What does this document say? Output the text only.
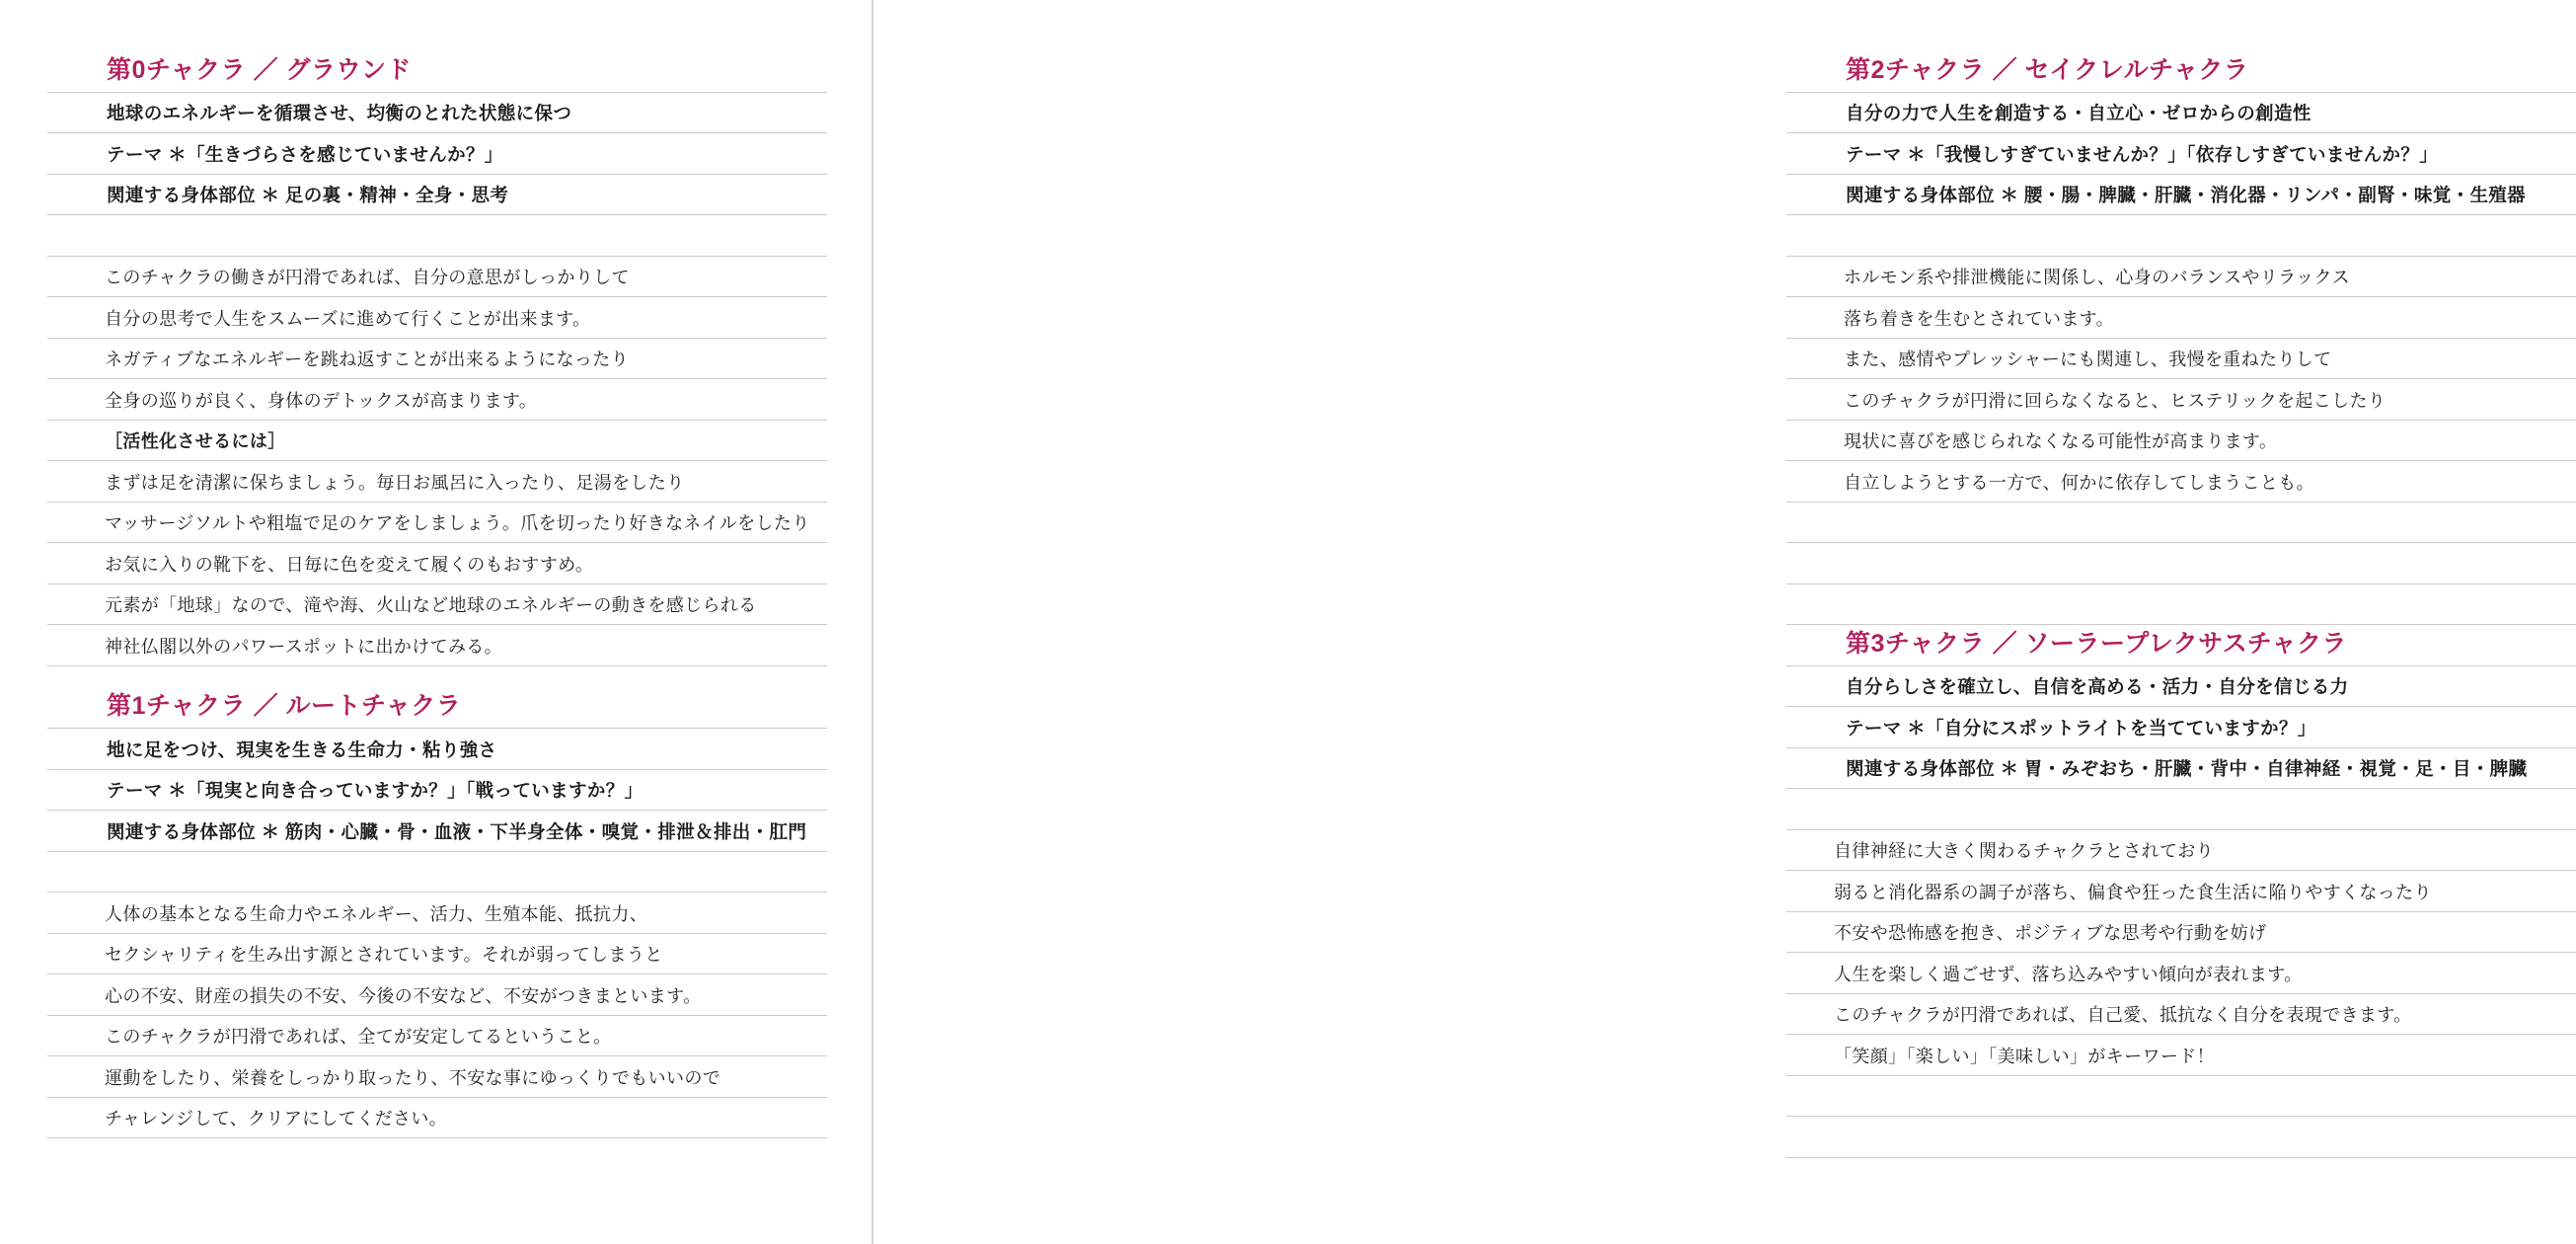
第0チャクラ ／ グラウンド
地球のエネルギーを循環させ、均衡のとれた状態に保つ
テーマ ＊「生きづらさを感じていませんか？」
関連する身体部位 ＊ 足の裏・精神・全身・思考
このチャクラの働きが円滑であれば、自分の意思がしっかりして
自分の思考で人生をスムーズに進めて行くことが出来ます。
ネガティブなエネルギーを跳ね返すことが出来るようになったり
全身の巡りが良く、身体のデトックスが高まります。
［活性化させるには］
まずは足を清潔に保ちましょう。毎日お風呂に入ったり、足湯をしたり
マッサージソルトや粗塩で足のケアをしましょう。爪を切ったり好きなネイルをしたり
お気に入りの靴下を、日毎に色を変えて履くのもおすすめ。
元素が「地球」なので、滝や海、火山など地球のエネルギーの動きを感じられる
神社仏閣以外のパワースポットに出かけてみる。
第1チャクラ ／ ルートチャクラ
地に足をつけ、現実を生きる生命力・粘り強さ
テーマ ＊「現実と向き合っていますか？」「戦っていますか？」
関連する身体部位 ＊ 筋肉・心臓・骨・血液・下半身全体・嗅覚・排泄＆排出・肛門
人体の基本となる生命力やエネルギー、活力、生殖本能、抵抗力、
セクシャリティを生み出す源とされています。それが弱ってしまうと
心の不安、財産の損失の不安、今後の不安など、不安がつきまといます。
このチャクラが円滑であれば、全てが安定してるということ。
運動をしたり、栄養をしっかり取ったり、不安な事にゆっくりでもいいので
チャレンジして、クリアにしてください。
第2チャクラ ／ セイクレルチャクラ
自分の力で人生を創造する・自立心・ゼロからの創造性
テーマ ＊「我慢しすぎていませんか？」「依存しすぎていませんか？」
関連する身体部位 ＊ 腰・腸・脾臓・肝臓・消化器・リンパ・副腎・味覚・生殖器
ホルモン系や排泄機能に関係し、心身のバランスやリラックス
落ち着きを生むとされています。
また、感情やプレッシャーにも関連し、我慢を重ねたりして
このチャクラが円滑に回らなくなると、ヒステリックを起こしたり
現状に喜びを感じられなくなる可能性が高まります。
自立しようとする一方で、何かに依存してしまうことも。
第3チャクラ ／ ソーラープレクサスチャクラ
自分らしさを確立し、自信を高める・活力・自分を信じる力
テーマ ＊「自分にスポットライトを当てていますか？」
関連する身体部位 ＊ 胃・みぞおち・肝臓・背中・自律神経・視覚・足・目・脾臓
自律神経に大きく関わるチャクラとされており
弱ると消化器系の調子が落ち、偏食や狂った食生活に陥りやすくなったり
不安や恐怖感を抱き、ポジティブな思考や行動を妨げ
人生を楽しく過ごせず、落ち込みやすい傾向が表れます。
このチャクラが円滑であれば、自己愛、抵抗なく自分を表現できます。
「笑顔」「楽しい」「美味しい」がキーワード！
